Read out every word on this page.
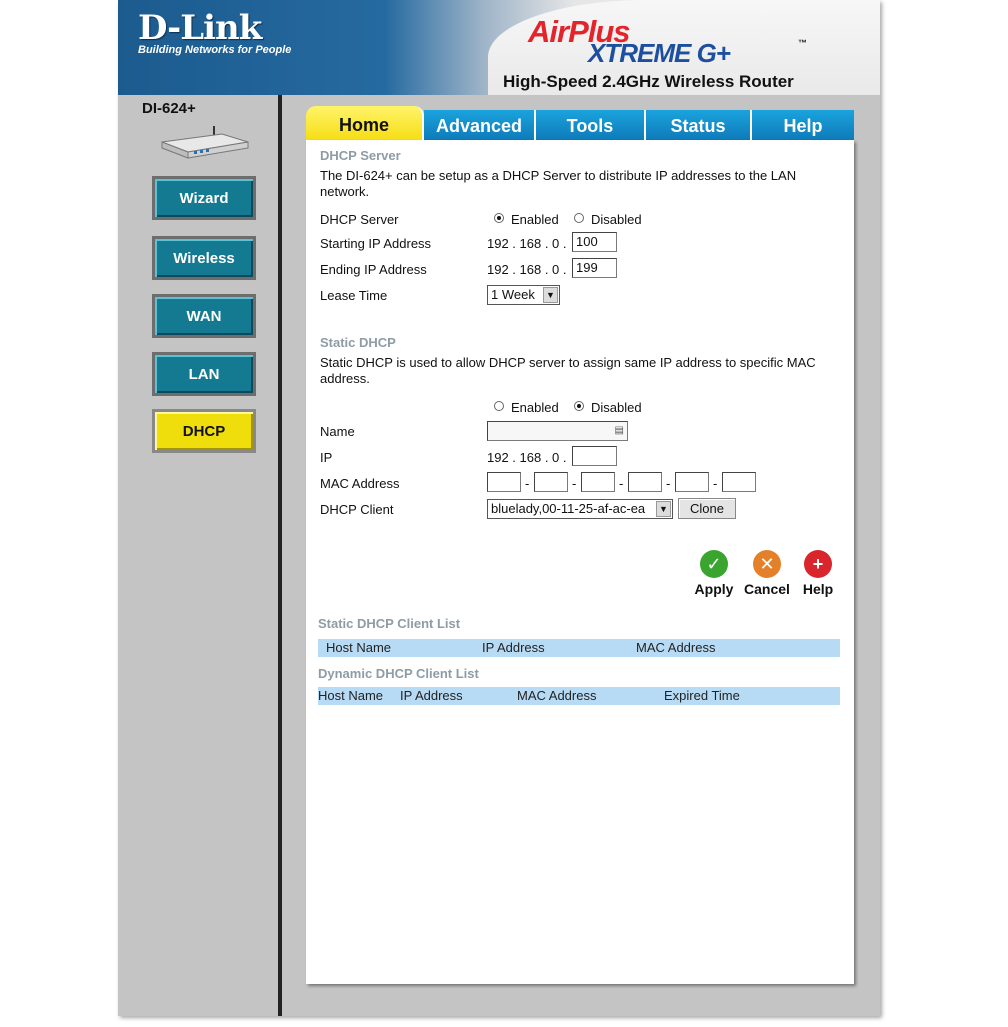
D-Link
Building Networks for People
AirPlus
XTREME G+	™
High-Speed 2.4GHz Wireless Router
DI-624+
Wizard
Wireless
WAN
LAN
DHCP
Home	Advanced	Tools	Status	Help
DHCP Server
The DI-624+ can be setup as a DHCP Server to distribute IP addresses to the LAN network.
DHCP Server	Enabled Disabled
Starting IP Address	192 . 168 . 0 . 100
Ending IP Address	192 . 168 . 0 . 199
Lease Time	1 Week	▼
Static DHCP
Static DHCP is used to allow DHCP server to assign same IP address to specific MAC address.
Enabled Disabled
Name	▤
IP	192 . 168 . 0 .
MAC Address	-	-	-	-	-
DHCP Client	bluelady,00-11-25-af-ac-ea	▼	Clone
✓
Apply
✕
Cancel
+
Help
Static DHCP Client List
Host Name	IP Address	MAC Address
Dynamic DHCP Client List
Host Name IP Address	MAC Address	Expired Time
